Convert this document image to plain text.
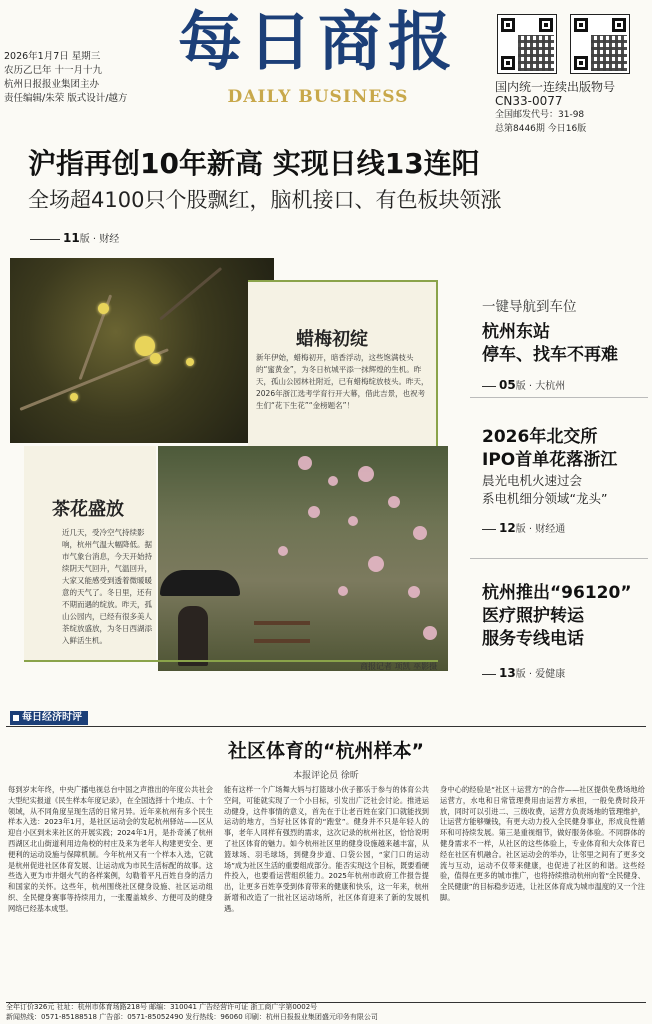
2026年1月7日 星期三
农历乙巳年 十一月十九
杭州日报报业集团主办
责任编辑/朱荣 版式设计/越方
每日商报
DAILY BUSINESS	国内统一连续出版物号 CN33-0077
全国邮发代号：31-98
总第8446期 今日16版
沪指再创10年新高 实现日线13连阳
全场超4100只个股飘红，脑机接口、有色板块领涨
11版 · 财经
蜡梅初绽
新年伊始，蜡梅初开，暗香浮动，这些饱满枝头的“蜜黄金”，为冬日杭城平添一抹辉煌的生机。昨天，孤山公园林社附近，已有蜡梅绽放枝头。昨天，2026年浙江选考学育行开大幕，借此吉景，也祝考生们“花下生花”“金榜题名”！
商报记者 项凯 巫影摄
茶花盛放
近几天，受冷空气持续影响，杭州气温大幅降低。据市气象台消息，今天开始持续阴天气回升，气温回升，大家又能感受到透着微暖暖意的天气了。冬日里，还有不期而遇的绽放。昨天，孤山公园内，已经有很多美人茶绽放盛放，为冬日西湖添入鲜活生机。
一键导航到车位
杭州东站
停车、找车不再难
05版 · 大杭州
2026年北交所
IPO首单花落浙江
晨光电机火速过会
系电机细分领域“龙头”
12版 · 财经通
杭州推出“96120”
医疗照护转运
服务专线电话
13版 · 爱健康
每日经济时评
社区体育的“杭州样本”
本报评论员 徐昕
每到岁末年终，中央广播电视总台中国之声推出的年度公共社会大型纪实报道《民生样本年度记录》，在全国选择十个地点、十个领域，从不同角度呈现生活的日常月异。近年来杭州有多个民生样本入选：2023年1月，是社区运动会的发起杭州驿站——区从迎自小区到未来社区的开展实践；2024年1月，是扑奇溪了杭州西湖区北山街道利用边角校的村庄及来为老年人构建更安全、更便利的运动设施与保障机制。今年杭州又有一个样本入选，它就是杭州促进社区体育发展、让运动成为市民生活标配的故事。这些选入更为市井烟火气的各样案例，勾勒着平凡百姓自身的活力和国家的关怀。这些年，杭州围绕社区健身设施、社区运动组织、全民健身赛事等持续用力，一张覆盖城乡、方便可及的健身网络已经基本成型。
能有这样一个广场舞大妈与打篮球小伙子都乐于参与的体育公共空间，可能就实现了一个小目标，引发出广泛社会讨论。推进运动健身，这件事情的意义，首先在于让老百姓在家门口就能找到运动的地方，当好社区体育的“跑堂”。健身并不只是年轻人的事，老年人同样有强烈的需求，这次记录的杭州社区，恰恰说明了社区体育的魅力。如今杭州社区里的健身设施越来越丰富，从篮球场、羽毛球场，到健身步道、口袋公园，“家门口的运动场”成为社区生活的重要组成部分。能否实现这个目标，既要看硬件投入，也要看运营组织能力。2025年杭州市政府工作报告提出，让更多百姓享受到体育带来的健康和快乐，这一年来，杭州新增和改造了一批社区运动场所，社区体育迎来了新的发展机遇。
身中心的经验是“社区＋运营方”的合作——社区提供免费场地给运营方，水电和日常管理费用由运营方承担，一般免费时段开放，同时可以引进二、三级收费，运营方负责场地的管理维护，让运营方能够赚钱，有更大动力投入全民健身事业，形成良性循环和可持续发展。第三是重视细节，做好服务体验。不同群体的健身需求不一样，从社区的这些体验上，专业体育和大众体育已经在社区有机融合。社区运动会的举办，让邻里之间有了更多交流与互动，运动不仅带来健康，也促进了社区的和谐。这些经验，值得在更多的城市推广，也将持续推动杭州向着“全民健身、全民健康”的目标稳步迈进，让社区体育成为城市温度的又一个注脚。
全年订价326元 社址：杭州市体育场路218号 邮编：310041 广告经营许可证 浙工商广字第0002号
新闻热线：0571-85188518 广告部：0571-85052490 发行热线：96060 印刷：杭州日报报业集团盛元印务有限公司
